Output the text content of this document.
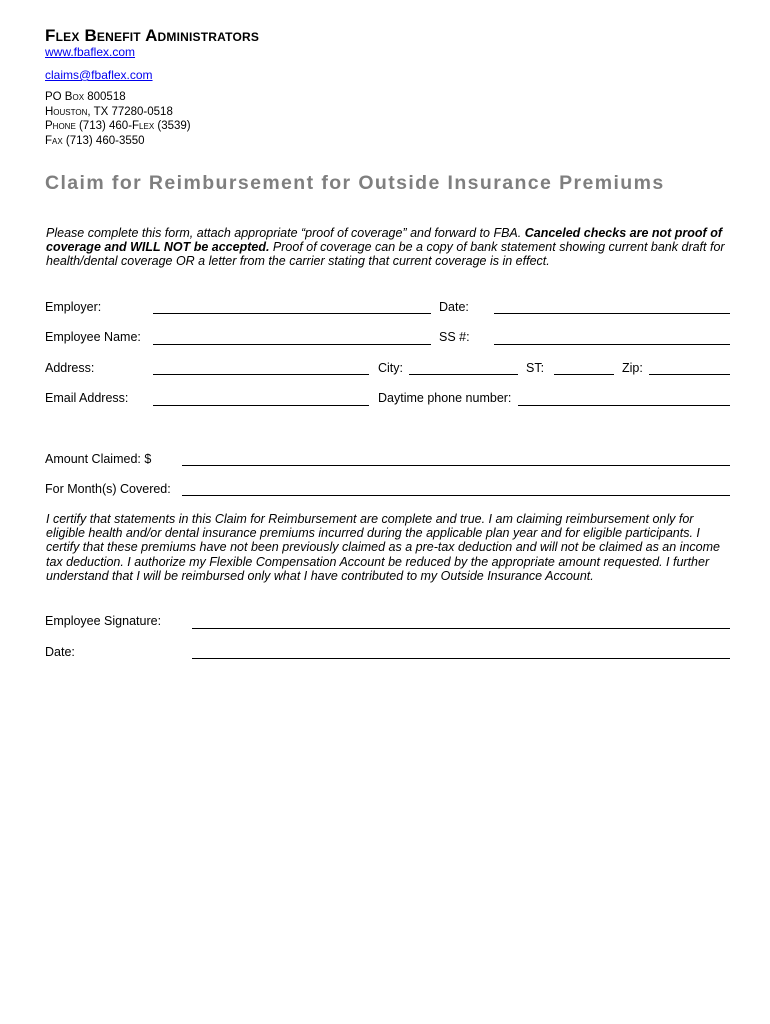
Flex Benefit Administrators
www.fbaflex.com
claims@fbaflex.com
PO Box 800518
Houston, TX 77280-0518
Phone (713) 460-Flex (3539)
Fax (713) 460-3550
Claim for Reimbursement for Outside Insurance Premiums

Please complete this form, attach appropriate “proof of coverage” and forward to FBA. Canceled checks are not proof of coverage and WILL NOT be accepted. Proof of coverage can be a copy of bank statement showing current bank draft for health/dental coverage OR a letter from the carrier stating that current coverage is in effect.

Employer:	Date:
Employee Name:	SS #:
Address:	City:	ST:	Zip:
Email Address:	Daytime phone number:
Amount Claimed: $
For Month(s) Covered:

I certify that statements in this Claim for Reimbursement are complete and true. I am claiming reimbursement only for eligible health and/or dental insurance premiums incurred during the applicable plan year and for eligible participants. I certify that these premiums have not been previously claimed as a pre-tax deduction and will not be claimed as an income tax deduction. I authorize my Flexible Compensation Account be reduced by the appropriate amount requested. I further understand that I will be reimbursed only what I have contributed to my Outside Insurance Account.

Employee Signature:
Date:
